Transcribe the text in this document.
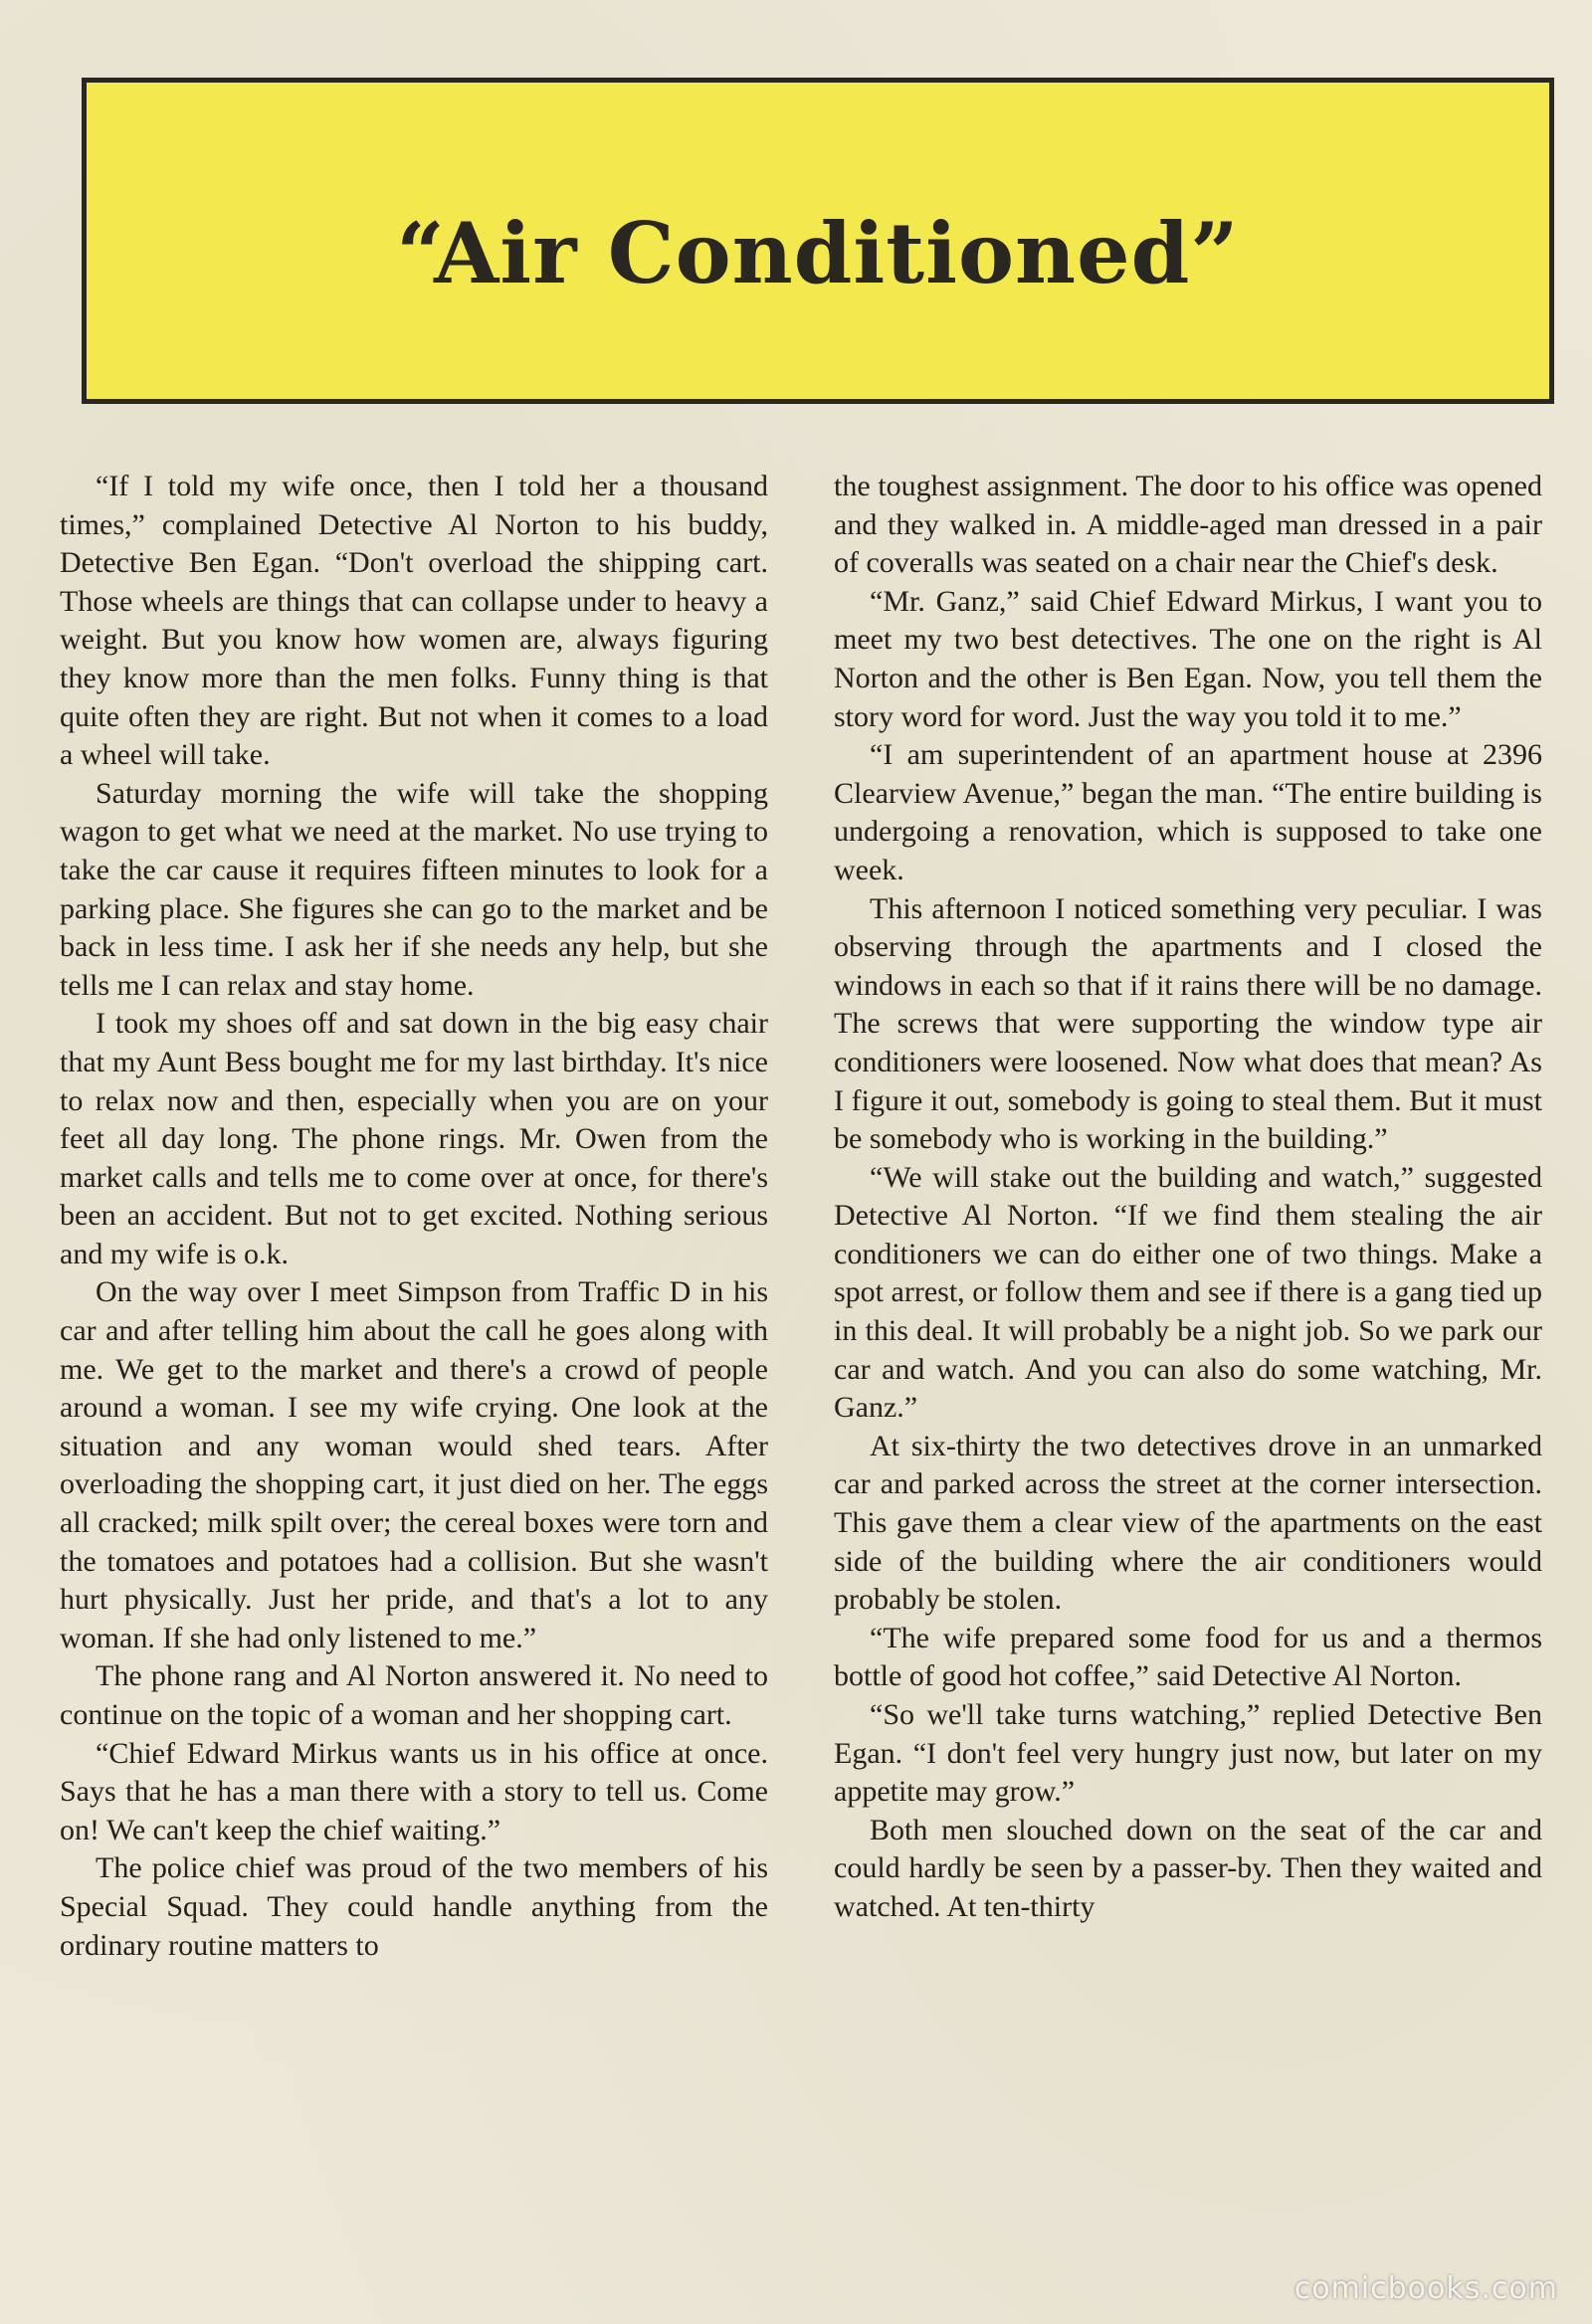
“Air Conditioned”

“If I told my wife once, then I told her a thousand times,” complained Detective Al Norton to his buddy, Detective Ben Egan. “Don't overload the shipping cart. Those wheels are things that can collapse under to heavy a weight. But you know how women are, always figuring they know more than the men folks. Funny thing is that quite often they are right. But not when it comes to a load a wheel will take.

Saturday morning the wife will take the shopping wagon to get what we need at the market. No use trying to take the car cause it requires fifteen minutes to look for a parking place. She figures she can go to the market and be back in less time. I ask her if she needs any help, but she tells me I can relax and stay home.

I took my shoes off and sat down in the big easy chair that my Aunt Bess bought me for my last birthday. It's nice to relax now and then, especially when you are on your feet all day long. The phone rings. Mr. Owen from the market calls and tells me to come over at once, for there's been an accident. But not to get excited. Nothing serious and my wife is o.k.

On the way over I meet Simpson from Traffic D in his car and after telling him about the call he goes along with me. We get to the market and there's a crowd of people around a woman. I see my wife crying. One look at the situation and any woman would shed tears. After overloading the shopping cart, it just died on her. The eggs all cracked; milk spilt over; the cereal boxes were torn and the tomatoes and potatoes had a collision. But she wasn't hurt physically. Just her pride, and that's a lot to any woman. If she had only listened to me.”

The phone rang and Al Norton answered it. No need to continue on the topic of a woman and her shopping cart.

“Chief Edward Mirkus wants us in his office at once. Says that he has a man there with a story to tell us. Come on! We can't keep the chief waiting.”

The police chief was proud of the two members of his Special Squad. They could handle anything from the ordinary routine matters to

the toughest assignment. The door to his office was opened and they walked in. A middle-aged man dressed in a pair of coveralls was seated on a chair near the Chief's desk.

“Mr. Ganz,” said Chief Edward Mirkus, I want you to meet my two best detectives. The one on the right is Al Norton and the other is Ben Egan. Now, you tell them the story word for word. Just the way you told it to me.”

“I am superintendent of an apartment house at 2396 Clearview Avenue,” began the man. “The entire building is undergoing a renovation, which is supposed to take one week.

This afternoon I noticed something very peculiar. I was observing through the apartments and I closed the windows in each so that if it rains there will be no damage. The screws that were supporting the window type air conditioners were loosened. Now what does that mean? As I figure it out, somebody is going to steal them. But it must be somebody who is working in the building.”

“We will stake out the building and watch,” suggested Detective Al Norton. “If we find them stealing the air conditioners we can do either one of two things. Make a spot arrest, or follow them and see if there is a gang tied up in this deal. It will probably be a night job. So we park our car and watch. And you can also do some watching, Mr. Ganz.”

At six-thirty the two detectives drove in an unmarked car and parked across the street at the corner intersection. This gave them a clear view of the apartments on the east side of the building where the air conditioners would probably be stolen.

“The wife prepared some food for us and a thermos bottle of good hot coffee,” said Detective Al Norton.

“So we'll take turns watching,” replied Detective Ben Egan. “I don't feel very hungry just now, but later on my appetite may grow.”

Both men slouched down on the seat of the car and could hardly be seen by a passer-by. Then they waited and watched. At ten-thirty

comicbooks.com
